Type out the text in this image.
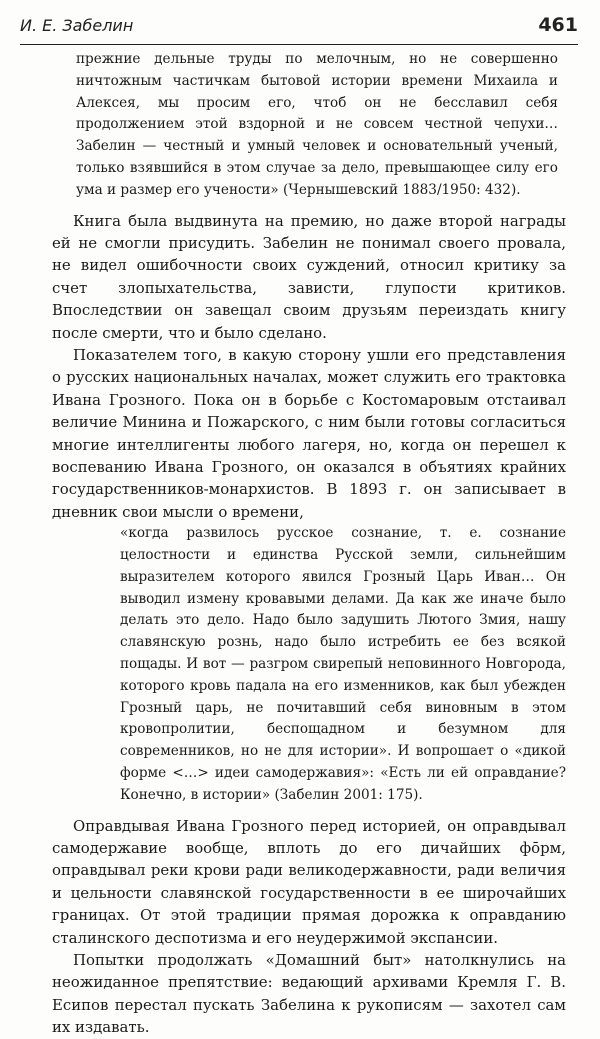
И. Е. Забелин	461
прежние дельные труды по мелочным, но не совершенно ничтожным частичкам бытовой истории времени Михаила и Алексея, мы просим его, чтоб он не бесславил себя продолжением этой вздорной и не совсем честной чепухи… Забелин — честный и умный человек и основательный ученый, только взявшийся в этом случае за дело, превышающее силу его ума и размер его учености» (Чернышевский 1883/1950: 432).

Книга была выдвинута на премию, но даже второй награды ей не смогли присудить. Забелин не понимал своего провала, не видел ошибочности своих суждений, относил критику за счет злопыхательства, зависти, глупости критиков. Впоследствии он завещал своим друзьям переиздать книгу после смерти, что и было сделано.

Показателем того, в какую сторону ушли его представления о русских национальных началах, может служить его трактовка Ивана Грозного. Пока он в борьбе с Костомаровым отстаивал величие Минина и Пожарского, с ним были готовы согласиться многие интеллигенты любого лагеря, но, когда он перешел к воспеванию Ивана Грозного, он оказался в объятиях крайних государственников-монархистов. В 1893 г. он записывает в дневник свои мысли о времени,

«когда развилось русское сознание, т. е. сознание целостности и единства Русской земли, сильнейшим выразителем которого явился Грозный Царь Иван… Он выводил измену кровавыми делами. Да как же иначе было делать это дело. Надо было задушить Лютого Змия, нашу славянскую рознь, надо было истребить ее без всякой пощады. И вот — разгром свирепый неповинного Новгорода, которого кровь падала на его изменников, как был убежден Грозный царь, не почитавший себя виновным в этом кровопролитии, беспощадном и безумном для современников, но не для истории». И вопрошает о «дикой форме <…> идеи самодержавия»: «Есть ли ей оправдание? Конечно, в истории» (Забелин 2001: 175).

Оправдывая Ивана Грозного перед историей, он оправдывал самодержавие вообще, вплоть до его дичайших фо̄рм, оправдывал реки крови ради великодержавности, ради величия и цельности славянской государственности в ее широчайших границах. От этой традиции прямая дорожка к оправданию сталинского деспотизма и его неудержимой экспансии.

Попытки продолжать «Домашний быт» натолкнулись на неожиданное препятствие: ведающий архивами Кремля Г. В. Есипов перестал пускать Забелина к рукописям — захотел сам их издавать.
